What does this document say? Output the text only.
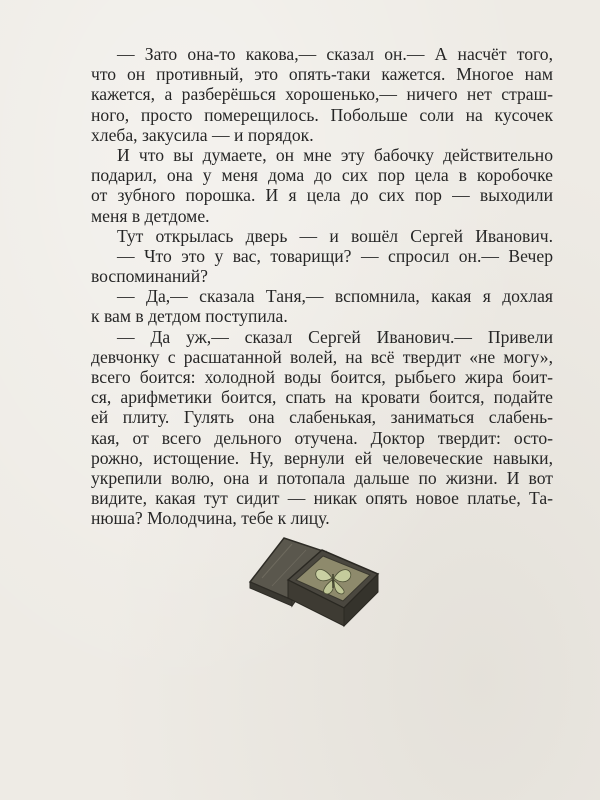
— Зато она-то какова,— сказал он.— А насчёт того,
что он противный, это опять-таки кажется. Многое нам
кажется, а разберёшься хорошенько,— ничего нет страш-
ного, просто померещилось. Побольше соли на кусочек
хлеба, закусила — и порядок.
И что вы думаете, он мне эту бабочку действительно
подарил, она у меня дома до сих пор цела в коробочке
от зубного порошка. И я цела до сих пор — выходили
меня в детдоме.
Тут открылась дверь — и вошёл Сергей Иванович.
— Что это у вас, товарищи? — спросил он.— Вечер
воспоминаний?
— Да,— сказала Таня,— вспомнила, какая я дохлая
к вам в детдом поступила.
— Да уж,— сказал Сергей Иванович.— Привели
девчонку с расшатанной волей, на всё твердит «не могу»,
всего боится: холодной воды боится, рыбьего жира боит-
ся, арифметики боится, спать на кровати боится, подайте
ей плиту. Гулять она слабенькая, заниматься слабень-
кая, от всего дельного отучена. Доктор твердит: осто-
рожно, истощение. Ну, вернули ей человеческие навыки,
укрепили волю, она и потопала дальше по жизни. И вот
видите, какая тут сидит — никак опять новое платье, Та-
нюша? Молодчина, тебе к лицу.
